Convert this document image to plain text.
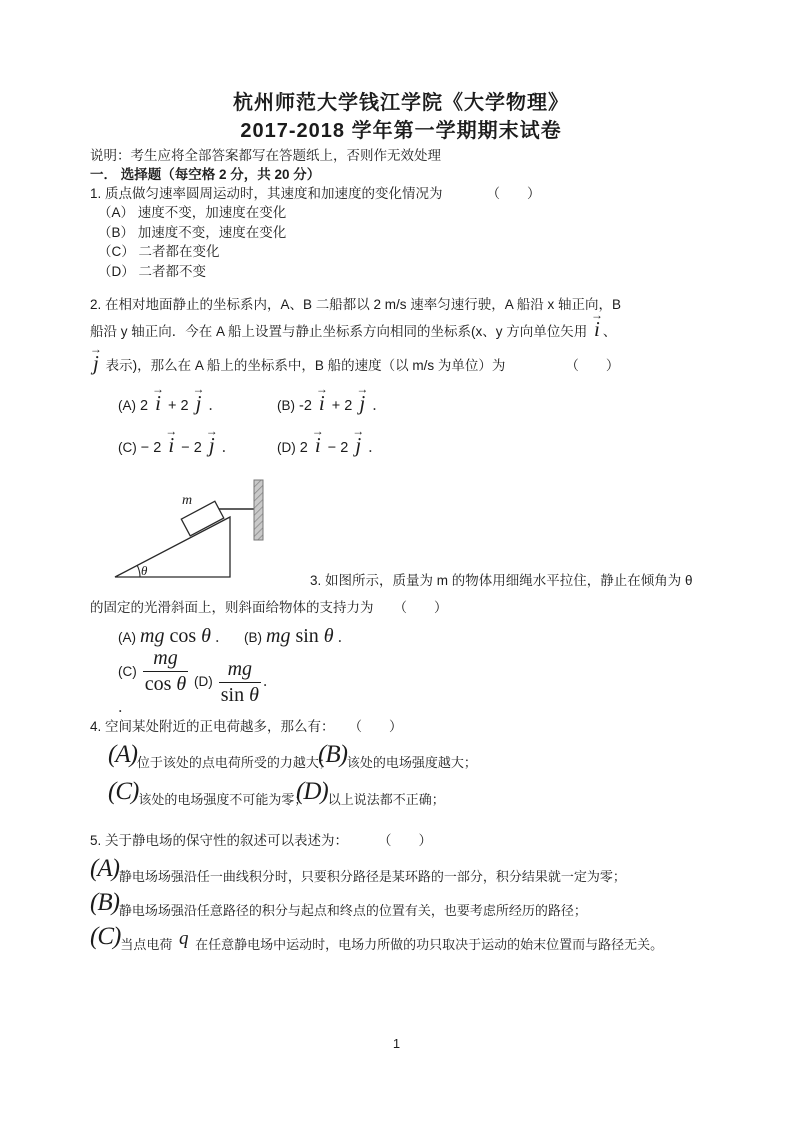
杭州师范大学钱江学院《大学物理》
2017-2018 学年第一学期期末试卷
说明：考生应将全部答案都写在答题纸上，否则作无效处理
一． 选择题（每空格 2 分，共 20 分）
1. 质点做匀速率圆周运动时，其速度和加速度的变化情况为	（　　）
（A） 速度不变，加速度在变化
（B） 加速度不变，速度在变化
（C） 二者都在变化
（D） 二者都不变
2. 在相对地面静止的坐标系内，A、B 二船都以 2 m/s 速率匀速行驶，A 船沿 x 轴正向，B
船沿 y 轴正向．今在 A 船上设置与静止坐标系方向相同的坐标系(x、y 方向单位矢用 → i 、
→ j 表示)，那么在 A 船上的坐标系中，B 船的速度（以 m/s 为单位）为	（　　）
(A) 2 → i + 2 → j ．	(B) -2 → i + 2 → j ．
(C) − 2 → i − 2 → j ．	(D) 2 → i − 2 → j ．
θ
m
3. 如图所示，质量为 m 的物体用细绳水平拉住，静止在倾角为 θ
的固定的光滑斜面上，则斜面给物体的支持力为 （　　）
(A) mg cos θ ．	(B) mg sin θ ．
$(C) \frac{mg}{\text{cos θ}}$
．
$(D) \frac{mg}{\text{sin θ}}$ ．
4. 空间某处附近的正电荷越多，那么有： （　　）
$(A)_{位于该处的点电荷所受的力越大;}$
$(B)_{该处的电场强度越大;}$
$(C)_{该处的电场强度不可能为零;}$
$(D)_{以上说法都不正确;}$
5. 关于静电场的保守性的叙述可以表述为： （　　）
(A)静电场场强沿任一曲线积分时，只要积分路径是某环路的一部分，积分结果就一定为零；
(B)静电场场强沿任意路径的积分与起点和终点的位置有关，也要考虑所经历的路径；
(C)当点电荷 q 在任意静电场中运动时，电场力所做的功只取决于运动的始末位置而与路径无关。
1
